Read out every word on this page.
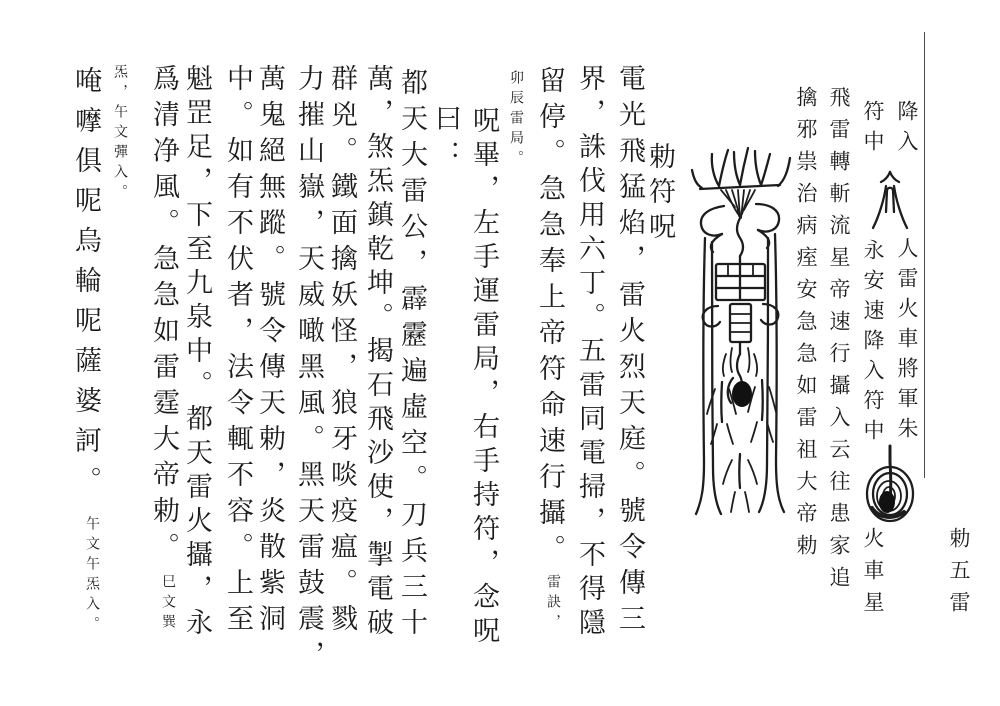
降入
人雷火車將軍朱
勅五雷
符中
永安速降入符中
火車星
飛雷轉斬流星帝速行攝入云往患家追
擒邪祟治病痓安急急如雷祖大帝勅
勅符呪
電光飛猛焰，雷火烈天庭。號令傳三
界，誅伐用六丁。五雷同電掃，不得隱
留停。急急奉上帝符命速行攝。
雷訣，
卯辰雷局。
呪畢，左手運雷局，右手持符，念呪
曰：
都天大雷公，霹靂遍虛空。刀兵三十
萬，煞炁鎮乾坤。揭石飛沙使，掣電破
群兇。鐵面擒妖怪，狼牙啖疫瘟。戮
力摧山嶽，天威噉黑風。黑天雷鼓震，
萬鬼絕無蹤。號令傳天勅，炎散紫洞
中。如有不伏者，法令輒不容。上至
魁罡足，下至九泉中。都天雷火攝，永
爲清净風。急急如雷霆大帝勅。
巳文巽
炁，午文彈入。
唵嚤俱呢烏輪呢薩婆訶。
午文午炁入。
